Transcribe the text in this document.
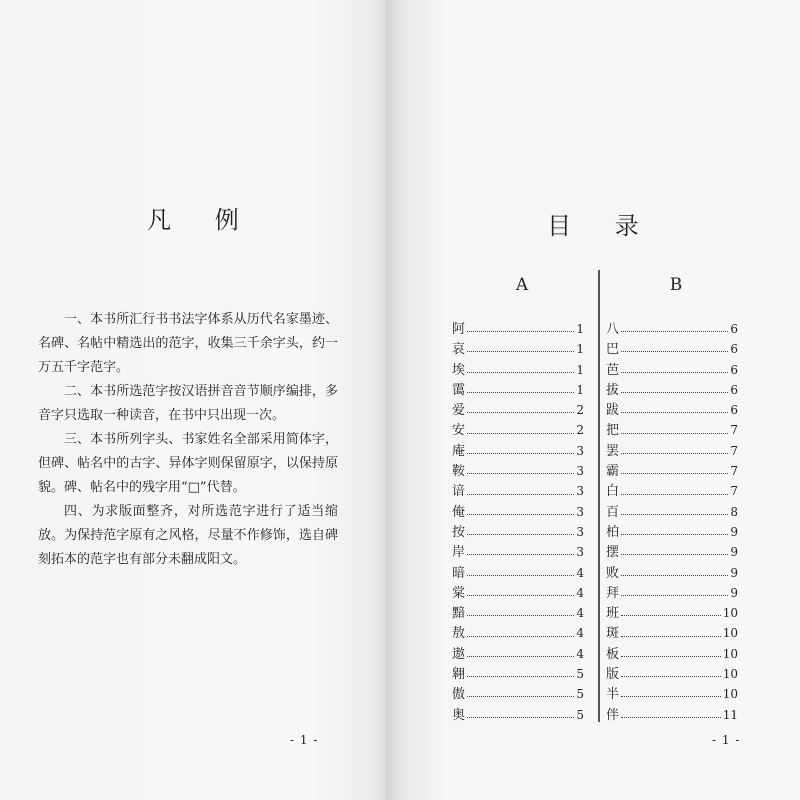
凡 例

一、本书所汇行书书法字体系从历代名家墨迹、名碑、名帖中精选出的范字，收集三千余字头，约一万五千字范字。

二、本书所选范字按汉语拼音音节顺序编排，多音字只选取一种读音，在书中只出现一次。

三、本书所列字头、书家姓名全部采用简体字，但碑、帖名中的古字、异体字则保留原字，以保持原貌。碑、帖名中的残字用“□”代替。

四、为求版面整齐，对所选范字进行了适当缩放。为保持范字原有之风格，尽量不作修饰，选自碑刻拓本的范字也有部分未翻成阳文。

- 1 -
目 录
A	B
阿	1
哀	1
埃	1
霭	1
爱	2
安	2
庵	3
鞍	3
谙	3
俺	3
按	3
岸	3
暗	4
棠	4
黯	4
敖	4
遨	4
翱	5
傲	5
奥	5
八	6
巴	6
芭	6
拔	6
跋	6
把	7
罢	7
霸	7
白	7
百	8
柏	9
摆	9
败	9
拜	9
班	10
斑	10
板	10
版	10
半	10
伴	11
- 1 -
